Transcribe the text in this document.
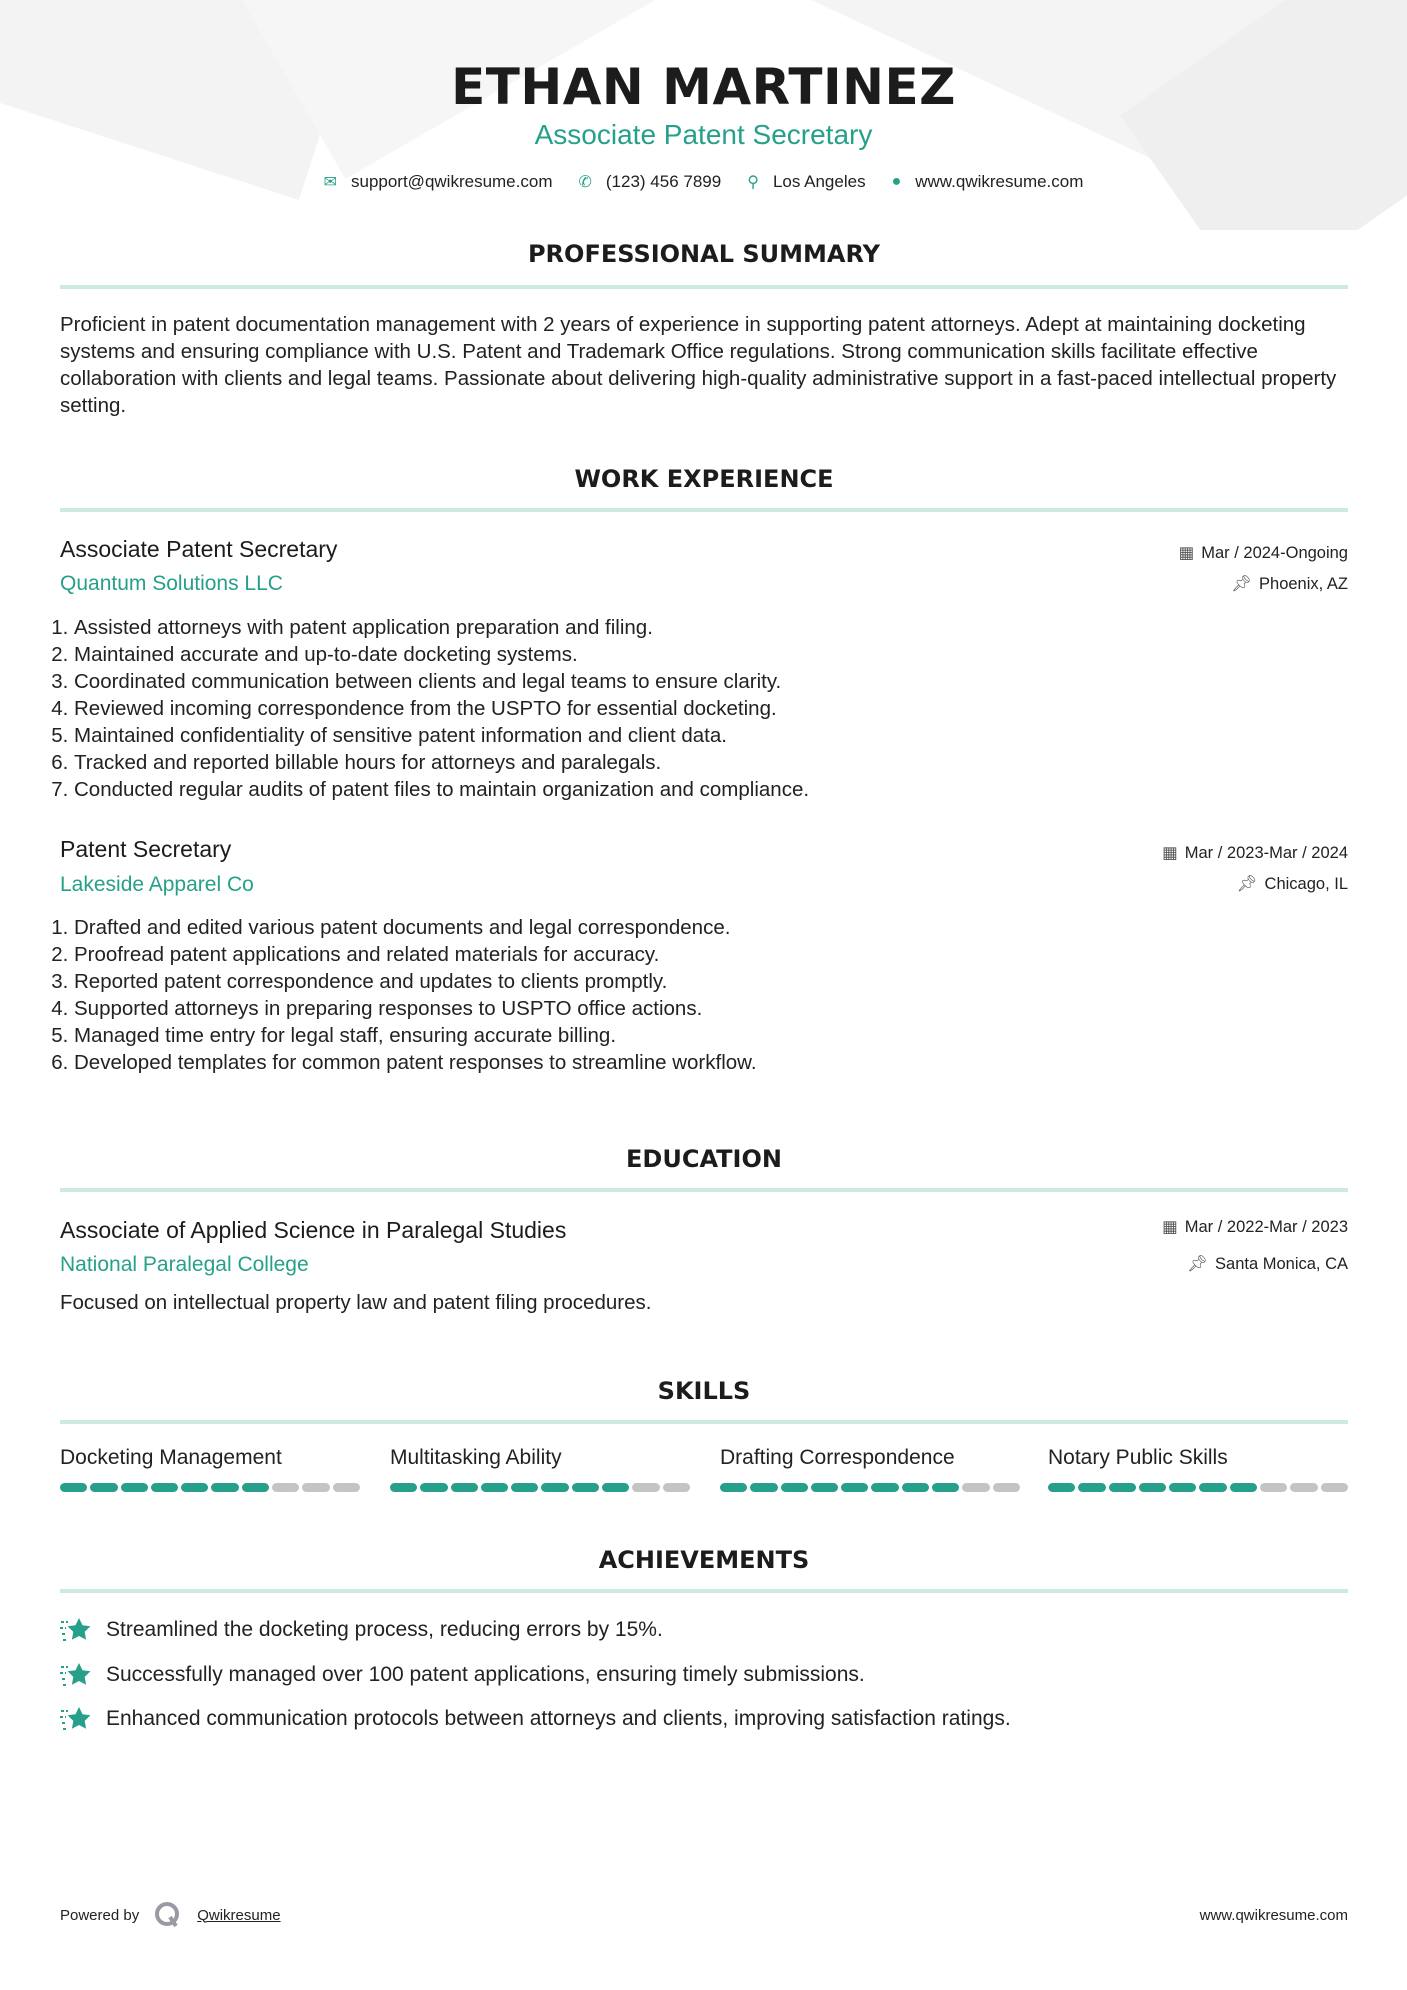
ETHAN MARTINEZ
Associate Patent Secretary
✉ support@qwikresume.com ✆ (123) 456 7899 ⚲ Los Angeles ● www.qwikresume.com
PROFESSIONAL SUMMARY
Proficient in patent documentation management with 2 years of experience in supporting patent attorneys. Adept at maintaining docketing systems and ensuring compliance with U.S. Patent and Trademark Office regulations. Strong communication skills facilitate effective collaboration with clients and legal teams. Passionate about delivering high-quality administrative support in a fast-paced intellectual property setting.
WORK EXPERIENCE
Associate Patent Secretary
Quantum Solutions LLC
▦ Mar / 2024-Ongoing
📌︎ Phoenix, AZ
1. Assisted attorneys with patent application preparation and filing.
2. Maintained accurate and up-to-date docketing systems.
3. Coordinated communication between clients and legal teams to ensure clarity.
4. Reviewed incoming correspondence from the USPTO for essential docketing.
5. Maintained confidentiality of sensitive patent information and client data.
6. Tracked and reported billable hours for attorneys and paralegals.
7. Conducted regular audits of patent files to maintain organization and compliance.
Patent Secretary
Lakeside Apparel Co
▦ Mar / 2023-Mar / 2024
📌︎ Chicago, IL
1. Drafted and edited various patent documents and legal correspondence.
2. Proofread patent applications and related materials for accuracy.
3. Reported patent correspondence and updates to clients promptly.
4. Supported attorneys in preparing responses to USPTO office actions.
5. Managed time entry for legal staff, ensuring accurate billing.
6. Developed templates for common patent responses to streamline workflow.
EDUCATION
Associate of Applied Science in Paralegal Studies
National Paralegal College
▦ Mar / 2022-Mar / 2023
📌︎ Santa Monica, CA
Focused on intellectual property law and patent filing procedures.
SKILLS
Docketing Management	Multitasking Ability	Drafting Correspondence	Notary Public Skills
ACHIEVEMENTS
Streamlined the docketing process, reducing errors by 15%.
Successfully managed over 100 patent applications, ensuring timely submissions.
Enhanced communication protocols between attorneys and clients, improving satisfaction ratings.
Powered by	Qwikresume	www.qwikresume.com
